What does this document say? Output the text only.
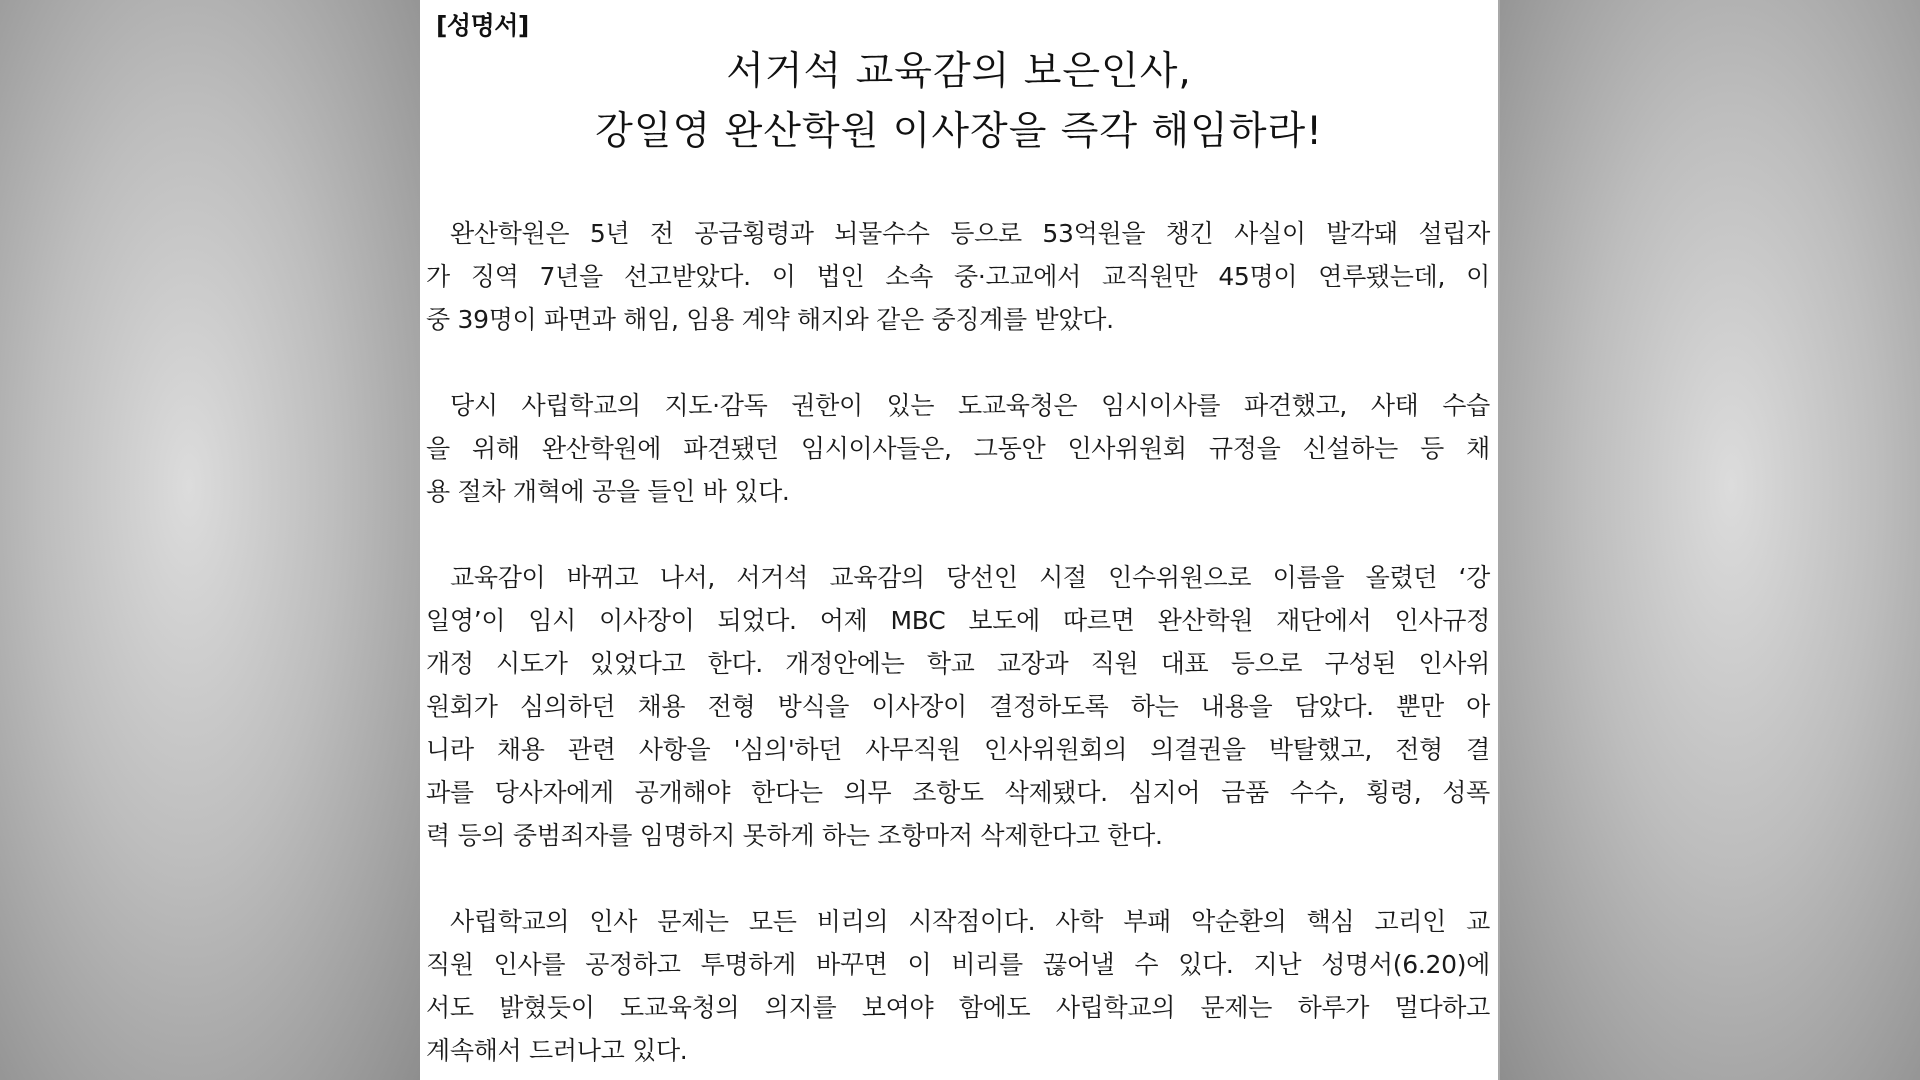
[성명서]
서거석 교육감의 보은인사,
강일영 완산학원 이사장을 즉각 해임하라!
완산학원은 5년 전 공금횡령과 뇌물수수 등으로 53억원을 챙긴 사실이 발각돼 설립자
가 징역 7년을 선고받았다. 이 법인 소속 중·고교에서 교직원만 45명이 연루됐는데, 이
중 39명이 파면과 해임, 임용 계약 해지와 같은 중징계를 받았다.
당시 사립학교의 지도·감독 권한이 있는 도교육청은 임시이사를 파견했고, 사태 수습
을 위해 완산학원에 파견됐던 임시이사들은, 그동안 인사위원회 규정을 신설하는 등 채
용 절차 개혁에 공을 들인 바 있다.
교육감이 바뀌고 나서, 서거석 교육감의 당선인 시절 인수위원으로 이름을 올렸던 ‘강
일영’이 임시 이사장이 되었다. 어제 MBC 보도에 따르면 완산학원 재단에서 인사규정
개정 시도가 있었다고 한다. 개정안에는 학교 교장과 직원 대표 등으로 구성된 인사위
원회가 심의하던 채용 전형 방식을 이사장이 결정하도록 하는 내용을 담았다. 뿐만 아
니라 채용 관련 사항을 '심의'하던 사무직원 인사위원회의 의결권을 박탈했고, 전형 결
과를 당사자에게 공개해야 한다는 의무 조항도 삭제됐다. 심지어 금품 수수, 횡령, 성폭
력 등의 중범죄자를 임명하지 못하게 하는 조항마저 삭제한다고 한다.
사립학교의 인사 문제는 모든 비리의 시작점이다. 사학 부패 악순환의 핵심 고리인 교
직원 인사를 공정하고 투명하게 바꾸면 이 비리를 끊어낼 수 있다. 지난 성명서(6.20)에
서도 밝혔듯이 도교육청의 의지를 보여야 함에도 사립학교의 문제는 하루가 멀다하고
계속해서 드러나고 있다.
